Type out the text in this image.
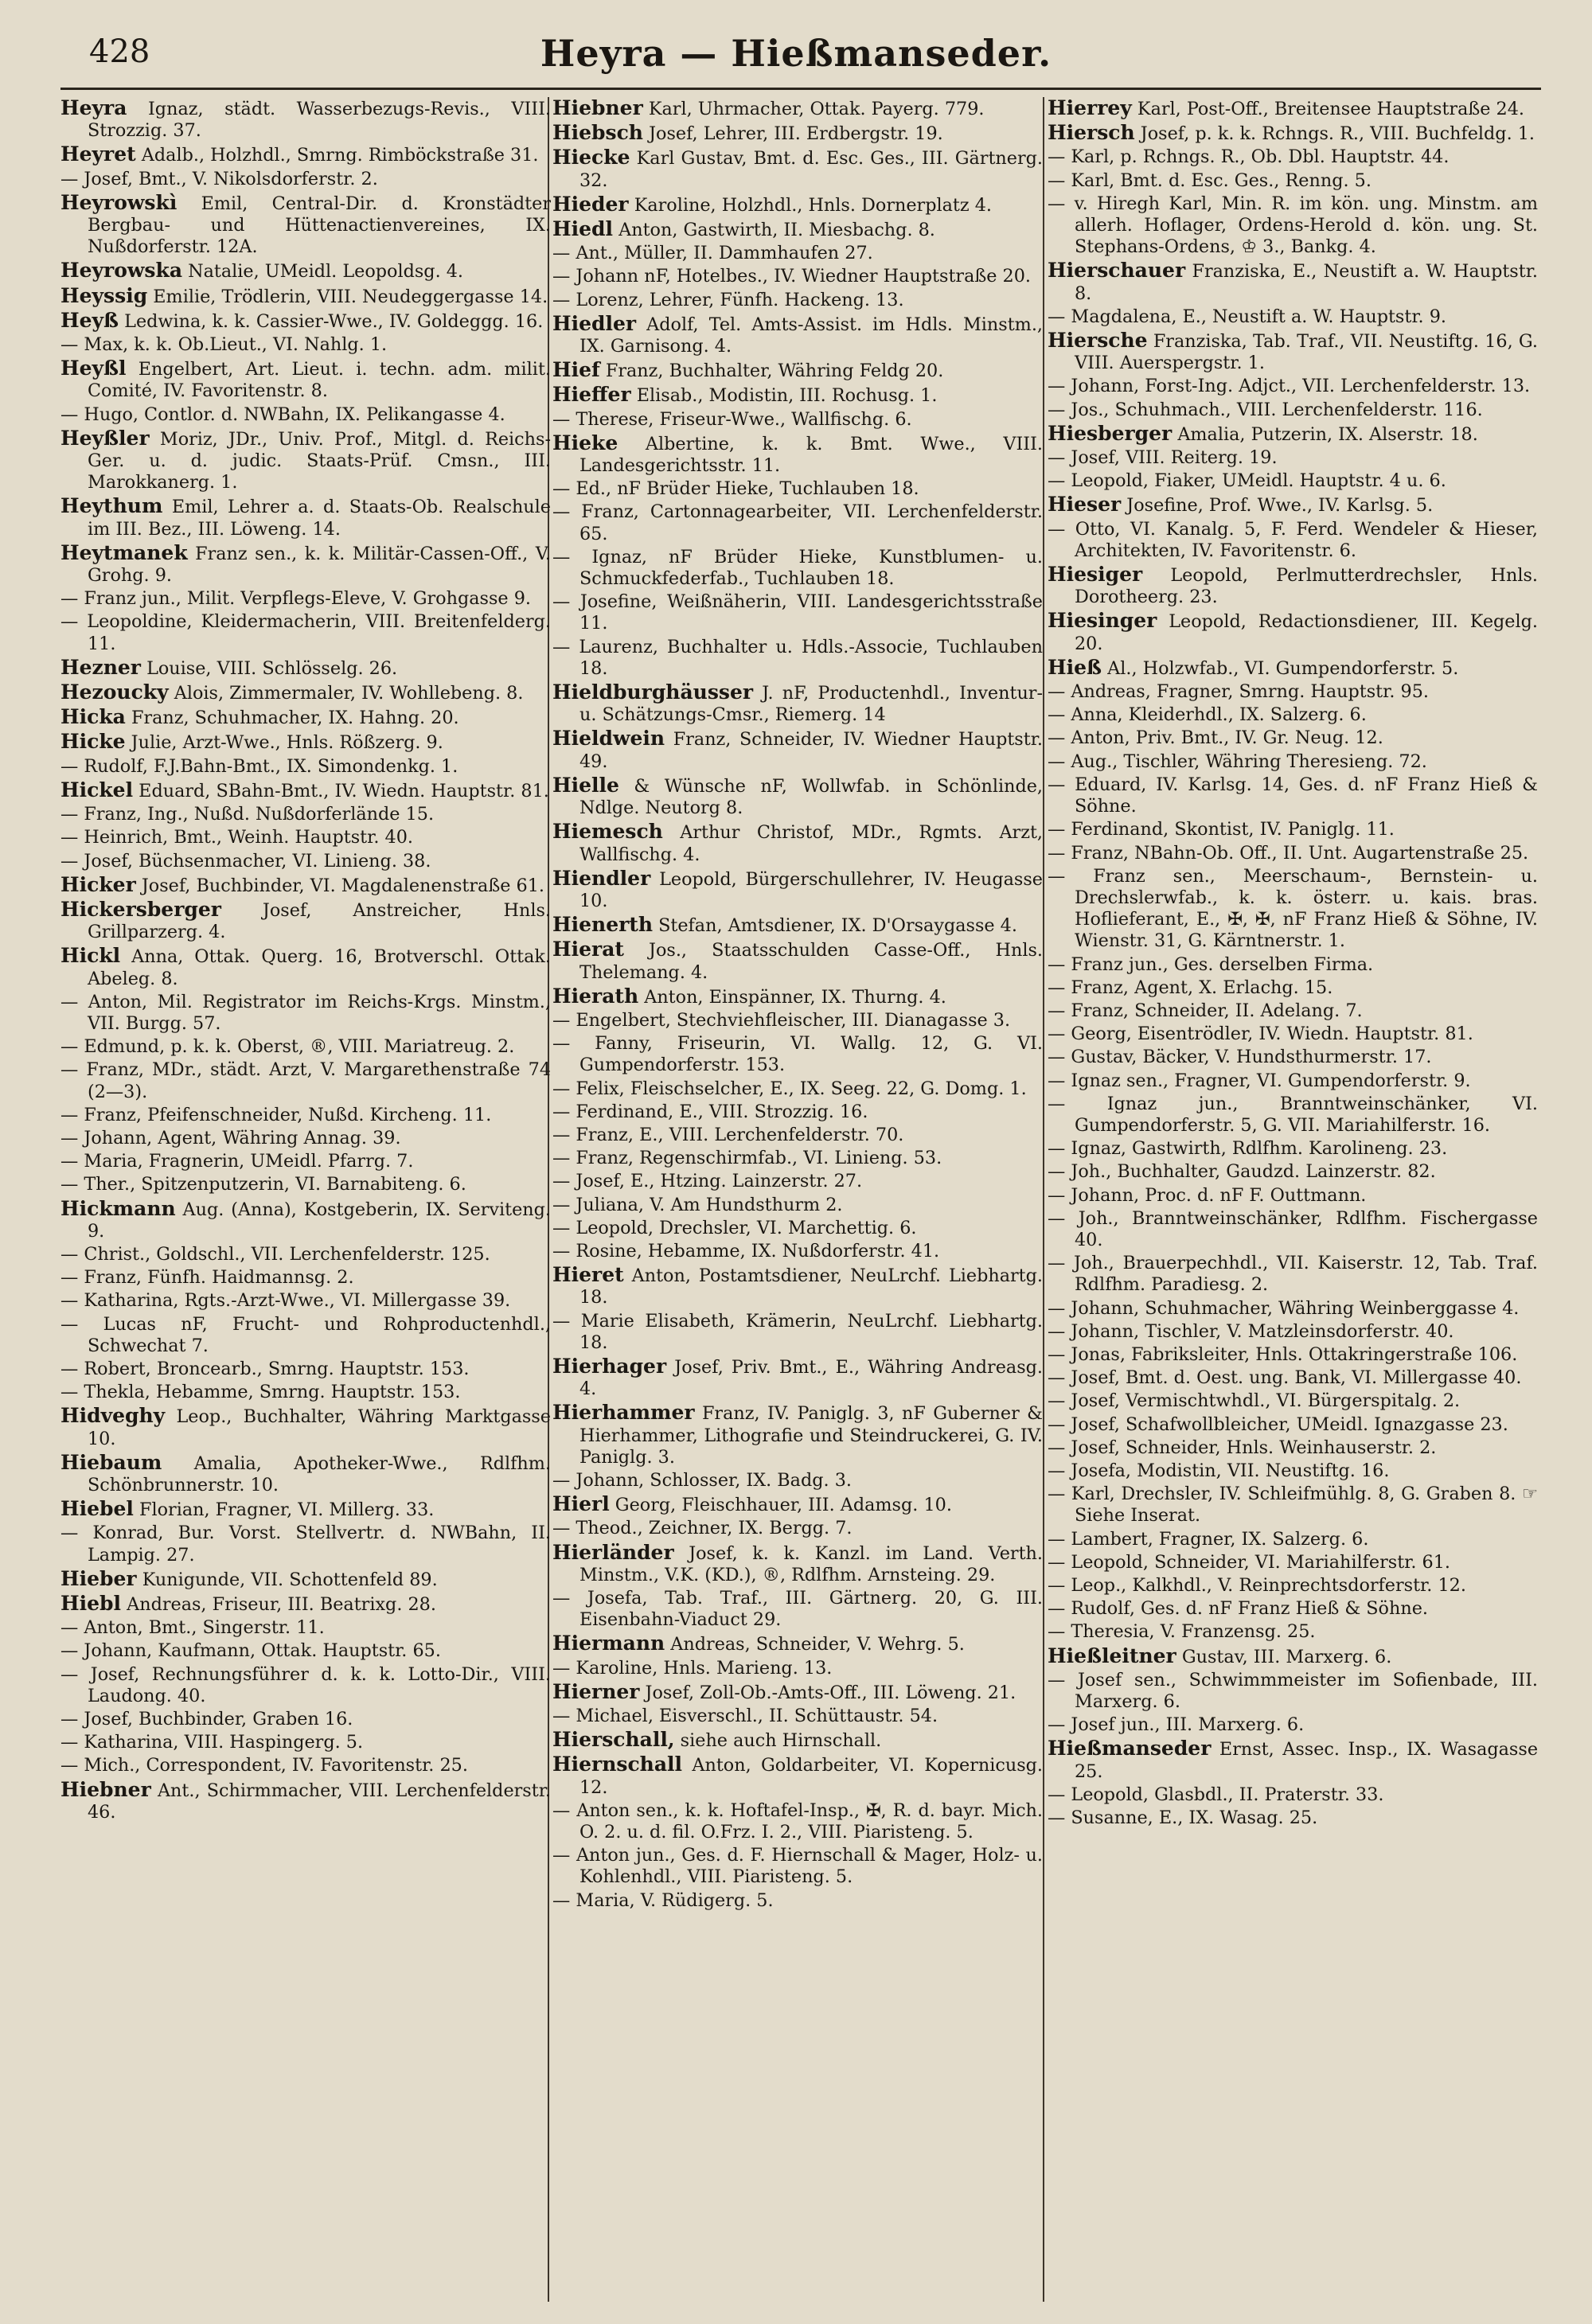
428	Heyra — Hießmanseder.
Heyra Ignaz, städt. Wasserbezugs-Revis., VIII. Strozzig. 37.
Heyret Adalb., Holzhdl., Smrng. Rimböckstraße 31.
— Josef, Bmt., V. Nikolsdorferstr. 2.
Heyrowskì Emil, Central-Dir. d. Kronstädter Bergbau- und Hüttenactienvereines, IX. Nußdorferstr. 12A.
Heyrowska Natalie, UMeidl. Leopoldsg. 4.
Heyssig Emilie, Trödlerin, VIII. Neudeggergasse 14.
Heyß Ledwina, k. k. Cassier-Wwe., IV. Goldeggg. 16.
— Max, k. k. Ob.Lieut., VI. Nahlg. 1.
Heyßl Engelbert, Art. Lieut. i. techn. adm. milit. Comité, IV. Favoritenstr. 8.
— Hugo, Contlor. d. NWBahn, IX. Pelikangasse 4.
Heyßler Moriz, JDr., Univ. Prof., Mitgl. d. Reichs-Ger. u. d. judic. Staats-Prüf. Cmsn., III. Marokkanerg. 1.
Heythum Emil, Lehrer a. d. Staats-Ob. Realschule im III. Bez., III. Löweng. 14.
Heytmanek Franz sen., k. k. Militär-Cassen-Off., V. Grohg. 9.
— Franz jun., Milit. Verpflegs-Eleve, V. Grohgasse 9.
— Leopoldine, Kleidermacherin, VIII. Breitenfelderg. 11.
Hezner Louise, VIII. Schlösselg. 26.
Hezoucky Alois, Zimmermaler, IV. Wohllebeng. 8.
Hicka Franz, Schuhmacher, IX. Hahng. 20.
Hicke Julie, Arzt-Wwe., Hnls. Rößzerg. 9.
— Rudolf, F.J.Bahn-Bmt., IX. Simondenkg. 1.
Hickel Eduard, SBahn-Bmt., IV. Wiedn. Hauptstr. 81.
— Franz, Ing., Nußd. Nußdorferlände 15.
— Heinrich, Bmt., Weinh. Hauptstr. 40.
— Josef, Büchsenmacher, VI. Linieng. 38.
Hicker Josef, Buchbinder, VI. Magdalenenstraße 61.
Hickersberger Josef, Anstreicher, Hnls. Grillparzerg. 4.
Hickl Anna, Ottak. Querg. 16, Brotverschl. Ottak. Abeleg. 8.
— Anton, Mil. Registrator im Reichs-Krgs. Minstm., VII. Burgg. 57.
— Edmund, p. k. k. Oberst, ®, VIII. Mariatreug. 2.
— Franz, MDr., städt. Arzt, V. Margarethenstraße 74 (2—3).
— Franz, Pfeifenschneider, Nußd. Kircheng. 11.
— Johann, Agent, Währing Annag. 39.
— Maria, Fragnerin, UMeidl. Pfarrg. 7.
— Ther., Spitzenputzerin, VI. Barnabiteng. 6.
Hickmann Aug. (Anna), Kostgeberin, IX. Serviteng. 9.
— Christ., Goldschl., VII. Lerchenfelderstr. 125.
— Franz, Fünfh. Haidmannsg. 2.
— Katharina, Rgts.-Arzt-Wwe., VI. Millergasse 39.
— Lucas nF, Frucht- und Rohproductenhdl., Schwechat 7.
— Robert, Broncearb., Smrng. Hauptstr. 153.
— Thekla, Hebamme, Smrng. Hauptstr. 153.
Hidveghy Leop., Buchhalter, Währing Marktgasse 10.
Hiebaum Amalia, Apotheker-Wwe., Rdlfhm. Schönbrunnerstr. 10.
Hiebel Florian, Fragner, VI. Millerg. 33.
— Konrad, Bur. Vorst. Stellvertr. d. NWBahn, II. Lampig. 27.
Hieber Kunigunde, VII. Schottenfeld 89.
Hiebl Andreas, Friseur, III. Beatrixg. 28.
— Anton, Bmt., Singerstr. 11.
— Johann, Kaufmann, Ottak. Hauptstr. 65.
— Josef, Rechnungsführer d. k. k. Lotto-Dir., VIII. Laudong. 40.
— Josef, Buchbinder, Graben 16.
— Katharina, VIII. Haspingerg. 5.
— Mich., Correspondent, IV. Favoritenstr. 25.
Hiebner Ant., Schirmmacher, VIII. Lerchenfelderstr. 46.
Hiebner Karl, Uhrmacher, Ottak. Payerg. 779.
Hiebsch Josef, Lehrer, III. Erdbergstr. 19.
Hiecke Karl Gustav, Bmt. d. Esc. Ges., III. Gärtnerg. 32.
Hieder Karoline, Holzhdl., Hnls. Dornerplatz 4.
Hiedl Anton, Gastwirth, II. Miesbachg. 8.
— Ant., Müller, II. Dammhaufen 27.
— Johann nF, Hotelbes., IV. Wiedner Hauptstraße 20.
— Lorenz, Lehrer, Fünfh. Hackeng. 13.
Hiedler Adolf, Tel. Amts-Assist. im Hdls. Minstm., IX. Garnisong. 4.
Hief Franz, Buchhalter, Währing Feldg 20.
Hieffer Elisab., Modistin, III. Rochusg. 1.
— Therese, Friseur-Wwe., Wallfischg. 6.
Hieke Albertine, k. k. Bmt. Wwe., VIII. Landesgerichtsstr. 11.
— Ed., nF Brüder Hieke, Tuchlauben 18.
— Franz, Cartonnagearbeiter, VII. Lerchenfelderstr. 65.
— Ignaz, nF Brüder Hieke, Kunstblumen- u. Schmuckfederfab., Tuchlauben 18.
— Josefine, Weißnäherin, VIII. Landesgerichtsstraße 11.
— Laurenz, Buchhalter u. Hdls.-Associe, Tuchlauben 18.
Hieldburghäusser J. nF, Productenhdl., Inventur-u. Schätzungs-Cmsr., Riemerg. 14
Hieldwein Franz, Schneider, IV. Wiedner Hauptstr. 49.
Hielle & Wünsche nF, Wollwfab. in Schönlinde, Ndlge. Neutorg 8.
Hiemesch Arthur Christof, MDr., Rgmts. Arzt, Wallfischg. 4.
Hiendler Leopold, Bürgerschullehrer, IV. Heugasse 10.
Hienerth Stefan, Amtsdiener, IX. D'Orsaygasse 4.
Hierat Jos., Staatsschulden Casse-Off., Hnls. Thelemang. 4.
Hierath Anton, Einspänner, IX. Thurng. 4.
— Engelbert, Stechviehfleischer, III. Dianagasse 3.
— Fanny, Friseurin, VI. Wallg. 12, G. VI. Gumpendorferstr. 153.
— Felix, Fleischselcher, E., IX. Seeg. 22, G. Domg. 1.
— Ferdinand, E., VIII. Strozzig. 16.
— Franz, E., VIII. Lerchenfelderstr. 70.
— Franz, Regenschirmfab., VI. Linieng. 53.
— Josef, E., Htzing. Lainzerstr. 27.
— Juliana, V. Am Hundsthurm 2.
— Leopold, Drechsler, VI. Marchettig. 6.
— Rosine, Hebamme, IX. Nußdorferstr. 41.
Hieret Anton, Postamtsdiener, NeuLrchf. Liebhartg. 18.
— Marie Elisabeth, Krämerin, NeuLrchf. Liebhartg. 18.
Hierhager Josef, Priv. Bmt., E., Währing Andreasg. 4.
Hierhammer Franz, IV. Paniglg. 3, nF Guberner & Hierhammer, Lithografie und Steindruckerei, G. IV. Paniglg. 3.
— Johann, Schlosser, IX. Badg. 3.
Hierl Georg, Fleischhauer, III. Adamsg. 10.
— Theod., Zeichner, IX. Bergg. 7.
Hierländer Josef, k. k. Kanzl. im Land. Verth. Minstm., V.K. (KD.), ®, Rdlfhm. Arnsteing. 29.
— Josefa, Tab. Traf., III. Gärtnerg. 20, G. III. Eisenbahn-Viaduct 29.
Hiermann Andreas, Schneider, V. Wehrg. 5.
— Karoline, Hnls. Marieng. 13.
Hierner Josef, Zoll-Ob.-Amts-Off., III. Löweng. 21.
— Michael, Eisverschl., II. Schüttaustr. 54.
Hierschall, siehe auch Hirnschall.
Hiernschall Anton, Goldarbeiter, VI. Kopernicusg. 12.
— Anton sen., k. k. Hoftafel-Insp., ✠, R. d. bayr. Mich. O. 2. u. d. fil. O.Frz. I. 2., VIII. Piaristeng. 5.
— Anton jun., Ges. d. F. Hiernschall & Mager, Holz- u. Kohlenhdl., VIII. Piaristeng. 5.
— Maria, V. Rüdigerg. 5.
Hierrey Karl, Post-Off., Breitensee Hauptstraße 24.
Hiersch Josef, p. k. k. Rchngs. R., VIII. Buchfeldg. 1.
— Karl, p. Rchngs. R., Ob. Dbl. Hauptstr. 44.
— Karl, Bmt. d. Esc. Ges., Renng. 5.
— v. Hiregh Karl, Min. R. im kön. ung. Minstm. am allerh. Hoflager, Ordens-Herold d. kön. ung. St. Stephans-Ordens, ♔ 3., Bankg. 4.
Hierschauer Franziska, E., Neustift a. W. Hauptstr. 8.
— Magdalena, E., Neustift a. W. Hauptstr. 9.
Hiersche Franziska, Tab. Traf., VII. Neustiftg. 16, G. VIII. Auerspergstr. 1.
— Johann, Forst-Ing. Adjct., VII. Lerchenfelderstr. 13.
— Jos., Schuhmach., VIII. Lerchenfelderstr. 116.
Hiesberger Amalia, Putzerin, IX. Alserstr. 18.
— Josef, VIII. Reiterg. 19.
— Leopold, Fiaker, UMeidl. Hauptstr. 4 u. 6.
Hieser Josefine, Prof. Wwe., IV. Karlsg. 5.
— Otto, VI. Kanalg. 5, F. Ferd. Wendeler & Hieser, Architekten, IV. Favoritenstr. 6.
Hiesiger Leopold, Perlmutterdrechsler, Hnls. Dorotheerg. 23.
Hiesinger Leopold, Redactionsdiener, III. Kegelg. 20.
Hieß Al., Holzwfab., VI. Gumpendorferstr. 5.
— Andreas, Fragner, Smrng. Hauptstr. 95.
— Anna, Kleiderhdl., IX. Salzerg. 6.
— Anton, Priv. Bmt., IV. Gr. Neug. 12.
— Aug., Tischler, Währing Theresieng. 72.
— Eduard, IV. Karlsg. 14, Ges. d. nF Franz Hieß & Söhne.
— Ferdinand, Skontist, IV. Paniglg. 11.
— Franz, NBahn-Ob. Off., II. Unt. Augartenstraße 25.
— Franz sen., Meerschaum-, Bernstein- u. Drechslerwfab., k. k. österr. u. kais. bras. Hoflieferant, E., ✠, ✠, nF Franz Hieß & Söhne, IV. Wienstr. 31, G. Kärntnerstr. 1.
— Franz jun., Ges. derselben Firma.
— Franz, Agent, X. Erlachg. 15.
— Franz, Schneider, II. Adelang. 7.
— Georg, Eisentrödler, IV. Wiedn. Hauptstr. 81.
— Gustav, Bäcker, V. Hundsthurmerstr. 17.
— Ignaz sen., Fragner, VI. Gumpendorferstr. 9.
— Ignaz jun., Branntweinschänker, VI. Gumpendorferstr. 5, G. VII. Mariahilferstr. 16.
— Ignaz, Gastwirth, Rdlfhm. Karolineng. 23.
— Joh., Buchhalter, Gaudzd. Lainzerstr. 82.
— Johann, Proc. d. nF F. Outtmann.
— Joh., Branntweinschänker, Rdlfhm. Fischergasse 40.
— Joh., Brauerpechhdl., VII. Kaiserstr. 12, Tab. Traf. Rdlfhm. Paradiesg. 2.
— Johann, Schuhmacher, Währing Weinberggasse 4.
— Johann, Tischler, V. Matzleinsdorferstr. 40.
— Jonas, Fabriksleiter, Hnls. Ottakringerstraße 106.
— Josef, Bmt. d. Oest. ung. Bank, VI. Millergasse 40.
— Josef, Vermischtwhdl., VI. Bürgerspitalg. 2.
— Josef, Schafwollbleicher, UMeidl. Ignazgasse 23.
— Josef, Schneider, Hnls. Weinhauserstr. 2.
— Josefa, Modistin, VII. Neustiftg. 16.
— Karl, Drechsler, IV. Schleifmühlg. 8, G. Graben 8. ☞ Siehe Inserat.
— Lambert, Fragner, IX. Salzerg. 6.
— Leopold, Schneider, VI. Mariahilferstr. 61.
— Leop., Kalkhdl., V. Reinprechtsdorferstr. 12.
— Rudolf, Ges. d. nF Franz Hieß & Söhne.
— Theresia, V. Franzensg. 25.
Hießleitner Gustav, III. Marxerg. 6.
— Josef sen., Schwimmmeister im Sofienbade, III. Marxerg. 6.
— Josef jun., III. Marxerg. 6.
Hießmanseder Ernst, Assec. Insp., IX. Wasagasse 25.
— Leopold, Glasbdl., II. Praterstr. 33.
— Susanne, E., IX. Wasag. 25.
